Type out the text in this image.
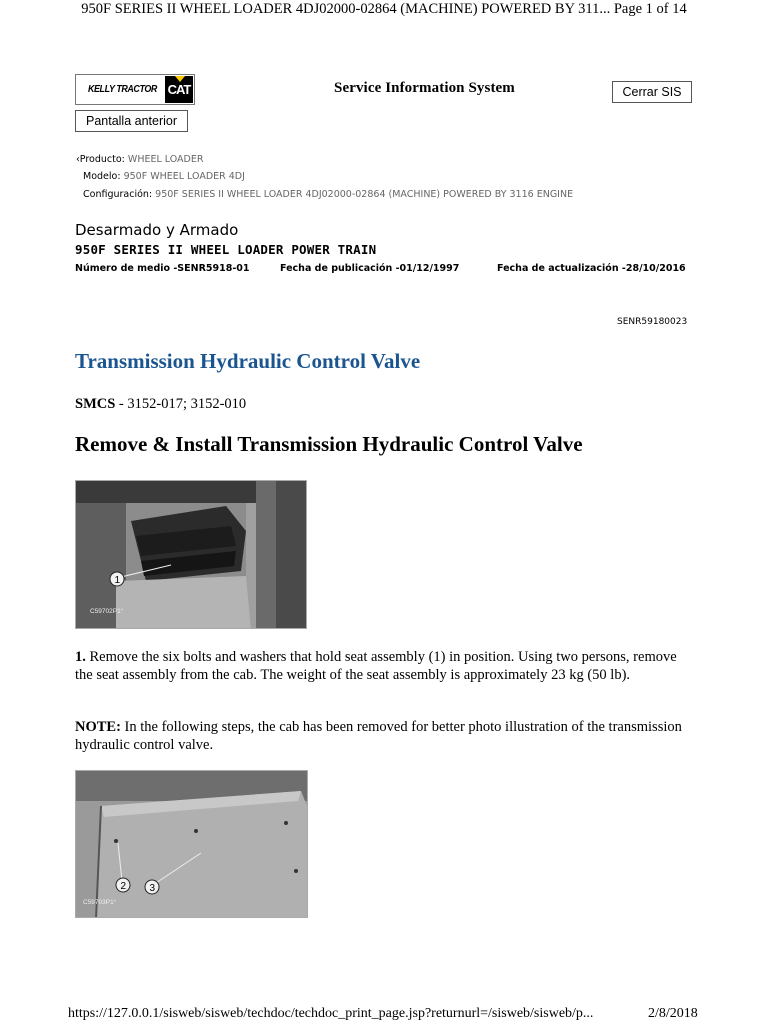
950F SERIES II WHEEL LOADER 4DJ02000-02864 (MACHINE) POWERED BY 311... Page 1 of 14
KELLY TRACTOR CAT	Service Information System	Cerrar SIS
Pantalla anterior
‹Producto: WHEEL LOADER
Modelo: 950F WHEEL LOADER 4DJ
Configuración: 950F SERIES II WHEEL LOADER 4DJ02000-02864 (MACHINE) POWERED BY 3116 ENGINE
Desarmado y Armado
950F SERIES II WHEEL LOADER POWER TRAIN
Número de medio -SENR5918-01	Fecha de publicación -01/12/1997	Fecha de actualización -28/10/2016
SENR59180023
Transmission Hydraulic Control Valve
SMCS - 3152-017; 3152-010
Remove & Install Transmission Hydraulic Control Valve
1
C59702P1°
1. Remove the six bolts and washers that hold seat assembly (1) in position. Using two persons, remove the seat assembly from the cab. The weight of the seat assembly is approximately 23 kg (50 lb).
NOTE: In the following steps, the cab has been removed for better photo illustration of the transmission hydraulic control valve.
2 3
C59703P1°
https://127.0.0.1/sisweb/sisweb/techdoc/techdoc_print_page.jsp?returnurl=/sisweb/sisweb/p...	2/8/2018
